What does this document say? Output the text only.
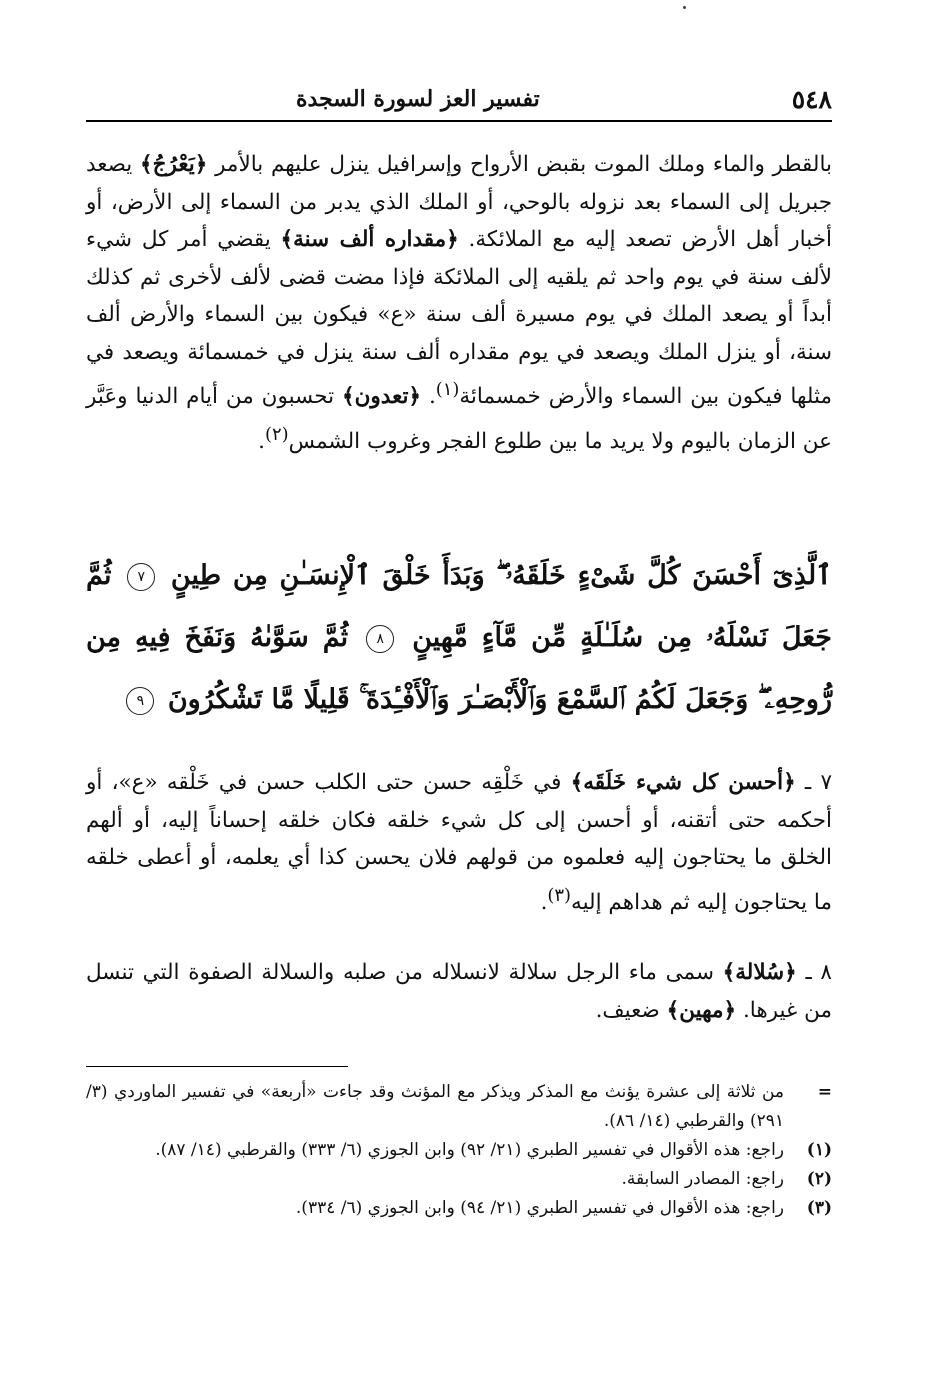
٥٤٨
تفسير العز لسورة السجدة

بالقطر والماء وملك الموت بقبض الأرواح وإسرافيل ينزل عليهم بالأمر ﴿يَعْرُجُ﴾ يصعد جبريل إلى السماء بعد نزوله بالوحي، أو الملك الذي يدبر من السماء إلى الأرض، أو أخبار أهل الأرض تصعد إليه مع الملائكة. ﴿مقداره ألف سنة﴾ يقضي أمر كل شيء لألف سنة في يوم واحد ثم يلقيه إلى الملائكة فإذا مضت قضى لألف لأخرى ثم كذلك أبداً أو يصعد الملك في يوم مسيرة ألف سنة «ع» فيكون بين السماء والأرض ألف سنة، أو ينزل الملك ويصعد في يوم مقداره ألف سنة ينزل في خمسمائة ويصعد في مثلها فيكون بين السماء والأرض خمسمائة$^{(١)}$. ﴿تعدون﴾ تحسبون من أيام الدنيا وعَبَّر عن الزمان باليوم ولا يريد ما بين طلوع الفجر وغروب الشمس$^{(٢)}$.

ٱلَّذِىٓ أَحْسَنَ كُلَّ شَىْءٍ خَلَقَهُۥ ۖ وَبَدَأَ خَلْقَ ٱلْإِنسَـٰنِ مِن طِينٍ ٧ ثُمَّ جَعَلَ نَسْلَهُۥ مِن سُلَـٰلَةٍ مِّن مَّآءٍ مَّهِينٍ ٨ ثُمَّ سَوَّىٰهُ وَنَفَخَ فِيهِ مِن رُّوحِهِۦ ۖ وَجَعَلَ لَكُمُ ٱلسَّمْعَ وَٱلْأَبْصَـٰرَ وَٱلْأَفْـِٔدَةَ ۚ قَلِيلًا مَّا تَشْكُرُونَ ٩

٧ ـ ﴿أحسن كل شيء خَلَقَه﴾ في خَلْقِه حسن حتى الكلب حسن في خَلْقه «ع»، أو أحكمه حتى أتقنه، أو أحسن إلى كل شيء خلقه فكان خلقه إحساناً إليه، أو ألهم الخلق ما يحتاجون إليه فعلموه من قولهم فلان يحسن كذا أي يعلمه، أو أعطى خلقه ما يحتاجون إليه ثم هداهم إليه$^{(٣)}$.

٨ ـ ﴿سُلالة﴾ سمى ماء الرجل سلالة لانسلاله من صلبه والسلالة الصفوة التي تنسل من غيرها. ﴿مهين﴾ ضعيف.

=
من ثلاثة إلى عشرة يؤنث مع المذكر ويذكر مع المؤنث وقد جاءت «أربعة» في تفسير الماوردي (٣/ ٢٩١) والقرطبي (١٤/ ٨٦).

(١)
راجع: هذه الأقوال في تفسير الطبري (٢١/ ٩٢) وابن الجوزي (٦/ ٣٣٣) والقرطبي (١٤/ ٨٧).

(٢)
راجع: المصادر السابقة.

(٣)
راجع: هذه الأقوال في تفسير الطبري (٢١/ ٩٤) وابن الجوزي (٦/ ٣٣٤).
